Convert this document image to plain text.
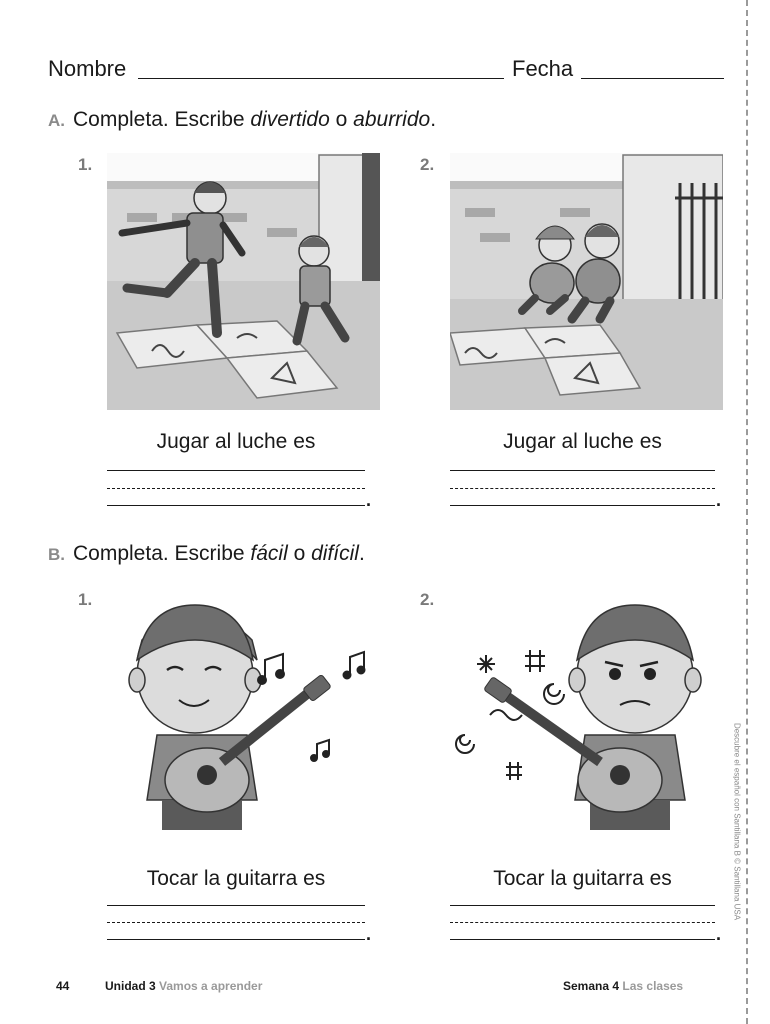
Nombre	Fecha
A. Completa. Escribe divertido o aburrido.
1.
Jugar al luche es
.
2.
Jugar al luche es
.
B. Completa. Escribe fácil o difícil.
1.
Tocar la guitarra es
.
2.
Tocar la guitarra es
.
Descubre el español con Santillana B © Santillana USA
44	Unidad 3 Vamos a aprender	Semana 4 Las clases
